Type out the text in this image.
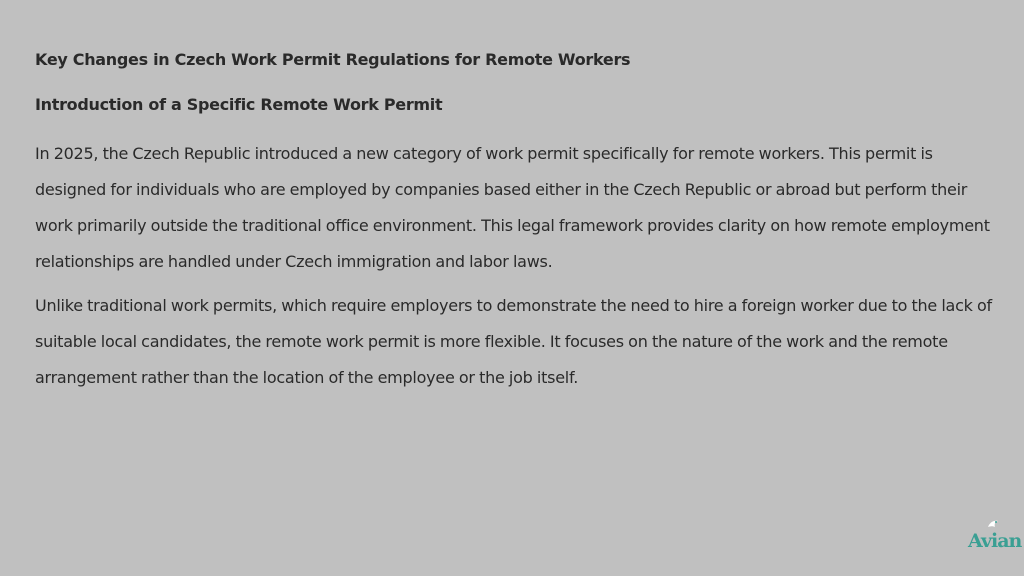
Key Changes in Czech Work Permit Regulations for Remote Workers
Introduction of a Specific Remote Work Permit

In 2025, the Czech Republic introduced a new category of work permit specifically for remote workers. This permit is designed for individuals who are employed by companies based either in the Czech Republic or abroad but perform their work primarily outside the traditional office environment. This legal framework provides clarity on how remote employment relationships are handled under Czech immigration and labor laws.

Unlike traditional work permits, which require employers to demonstrate the need to hire a foreign worker due to the lack of suitable local candidates, the remote work permit is more flexible. It focuses on the nature of the work and the remote arrangement rather than the location of the employee or the job itself.

Avian
